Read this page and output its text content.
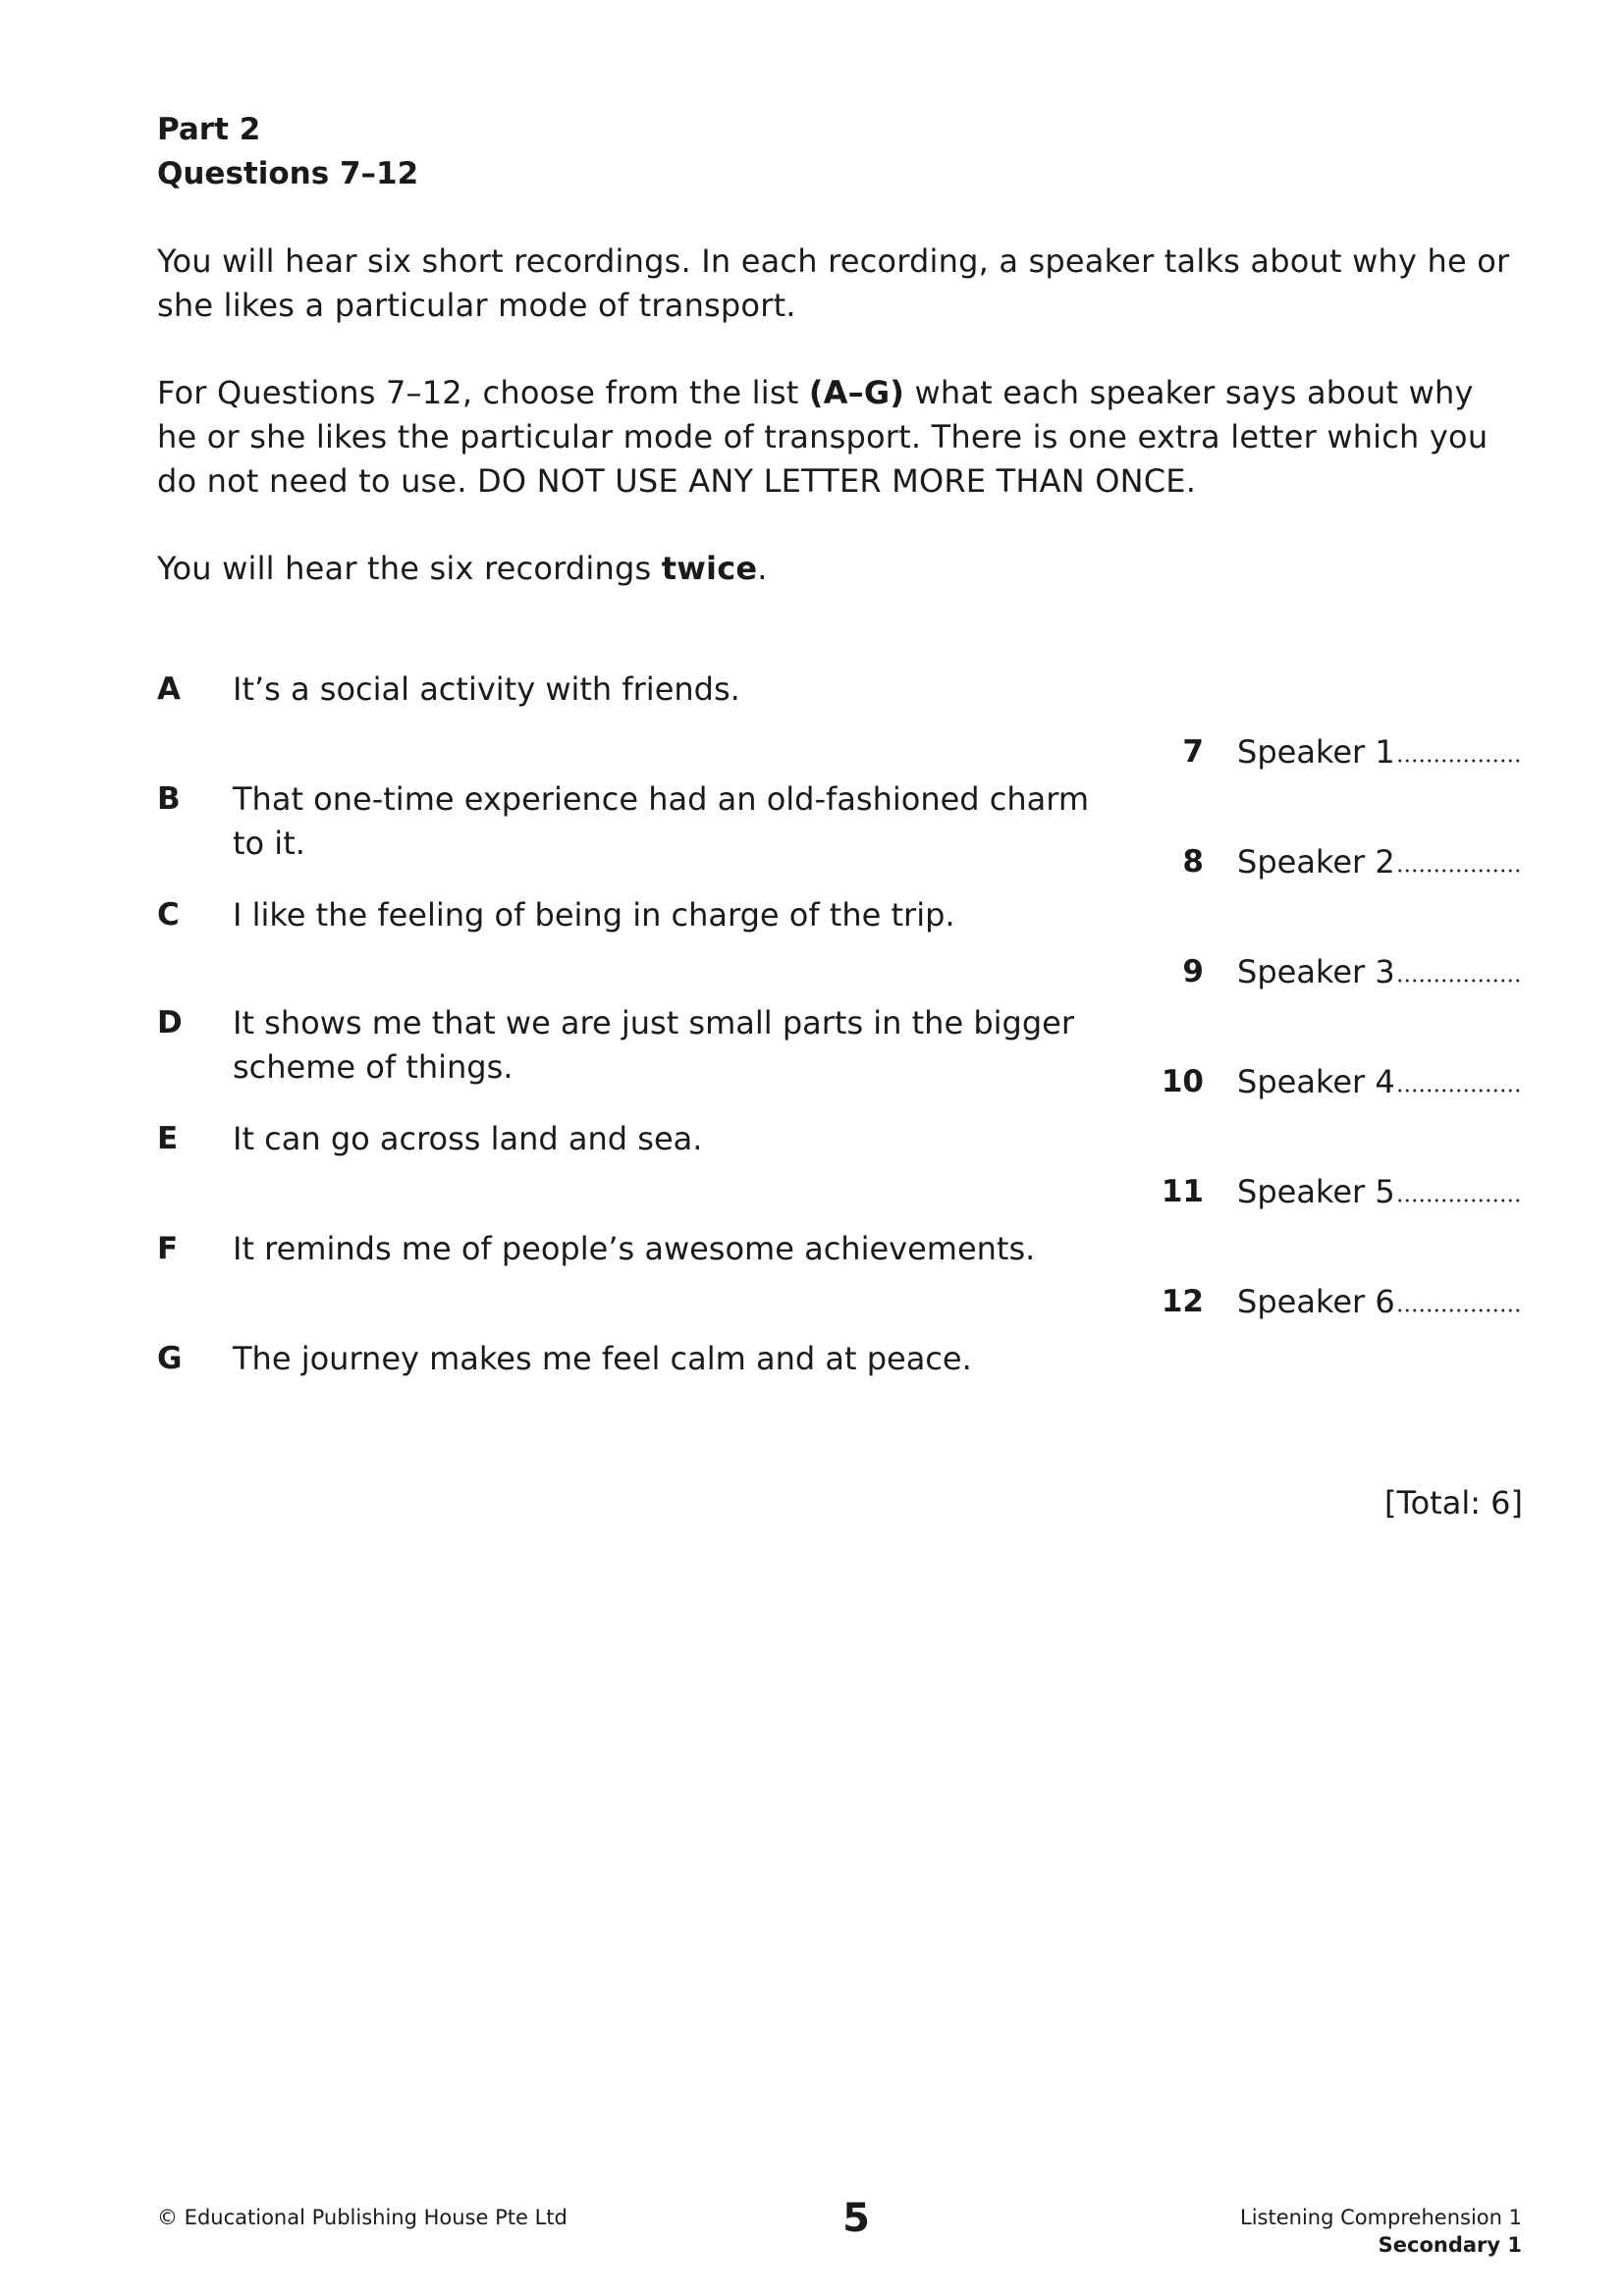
Part 2
Questions 7–12

You will hear six short recordings. In each recording, a speaker talks about why he or she likes a particular mode of transport.

For Questions 7–12, choose from the list (A–G) what each speaker says about why he or she likes the particular mode of transport. There is one extra letter which you do not need to use. DO NOT USE ANY LETTER MORE THAN ONCE.

You will hear the six recordings twice.

A	It’s a social activity with friends.
B	That one-time experience had an old-fashioned charm
to it.
C	I like the feeling of being in charge of the trip.
D	It shows me that we are just small parts in the bigger
scheme of things.
E	It can go across land and sea.
F	It reminds me of people’s awesome achievements.
G	The journey makes me feel calm and at peace.
7 Speaker 1
8 Speaker 2
9 Speaker 3
10 Speaker 4
11 Speaker 5
12 Speaker 6
[Total: 6]
© Educational Publishing House Pte Ltd	5	Listening Comprehension 1
Secondary 1
